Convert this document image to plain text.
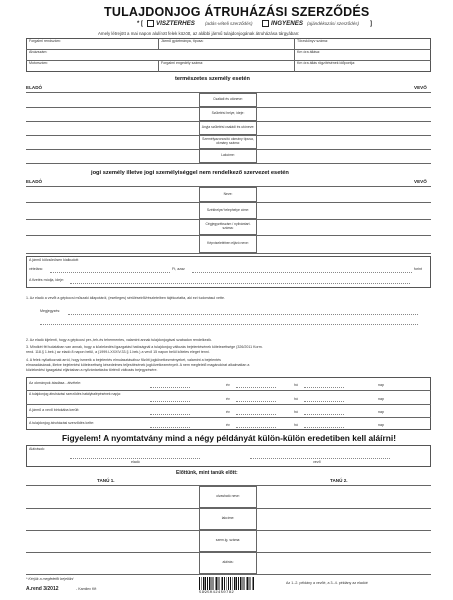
TULAJDONJOG ÁTRUHÁZÁSI SZERZŐDÉS
* [ VISZTERHES (adás-vételi szerződés)	INGYENES (ajándékozási szerződés) ]
Amely létrejött a mai napon alulírott felek között, az alábbi jármű tulajdonjogának átruházása tárgyában:
Forgalmi rendszám:	Jármű gyártmánya, típusa:	Törzskönyv száma:
Alvázszám:	Km óra állása:
Motorszám:	Forgalmi engedély száma:	Km óra állás rögzítésének időpontja:
természetes személy esetén
ELADÓ	VEVŐ
Családi és utóneve:
Születési helye, ideje:
Anyja születési családi és utóneve:
Személyazonosító okmány típusa, okmány száma:
Lakcíme:
jogi személy illetve jogi személyiséggel nem rendelkező szervezet esetén
ELADÓ	VEVŐ
Neve:
Székhelye/ telephelye címe:
Cégjegyzékszám / nyilvántart. száma:
Képviseletében eljáró neve:
A jármű kölcsönösen kialkudott
vételára:	Ft, azaz	forint
A fizetés módja, ideje:
1. Az eladó a vevőt a gépkocsi műszaki állapotáról, (esetleges) sérüléseiről/részleteiben tájékoztatta, aki ezt tudomásul vette.
Megjegyzés:
2. Az eladó kijelenti, hogy a gépkocsi per-,teh-és tehermentes, valamint annak tulajdonjogával szabadon rendelkezik.
3. Mindkét fél tudatában van annak, hogy a közlekedési igazgatási hatóságnál a tulajdonjog változás bejelentésének kötelezettsége (326/2011 Korm.
rend. 118.§ 1.bek.) az eladó 8 napon belül, a (1999.LXXXIV.33.§ 1.bek.) a vevő 15 napon belül köteles eleget tenni.
4. A felek nyilatkoznak arról, hogy ismerik a bejelentés elmulasztásához fűzött jogkövetkezményeket, valamint a bejelentés
elmaradásának, illetve bejelentési kötelezettség késedelmes teljesítésének jogkövetkezményeit. A nem megfelelő magánokirat alkalmatlan a
közlekedési igazgatási eljárásban a nyilvántartásba történő változás bejegyzésére.
Az okmányok átadása - átvétele:
A tulajdonjog átruházási szerződés hatálybalépésének napja:
A jármű a vevő birtokába került:
A tulajdonjog átruházási szerződés kelte:
év	hó	nap
év	hó	nap
év	hó	nap
év	hó	nap
Figyelem! A nyomtatvány mind a négy példányát külön-külön eredetiben kell aláírni!
Aláírások:
eladó	vevő
Előttünk, mint tanúk előtt:
TANÚ 1.	TANÚ 2.
olvasható neve:
lakcíme:
szem.ig. száma:
aláírás:
* Kérjük a megfelelőt bejelölni
A.rend 3/2012	- Kamilex Kft
5995042450782
Az 1.-2. példány a vevőé, a 3.-4. példány az eladóé
